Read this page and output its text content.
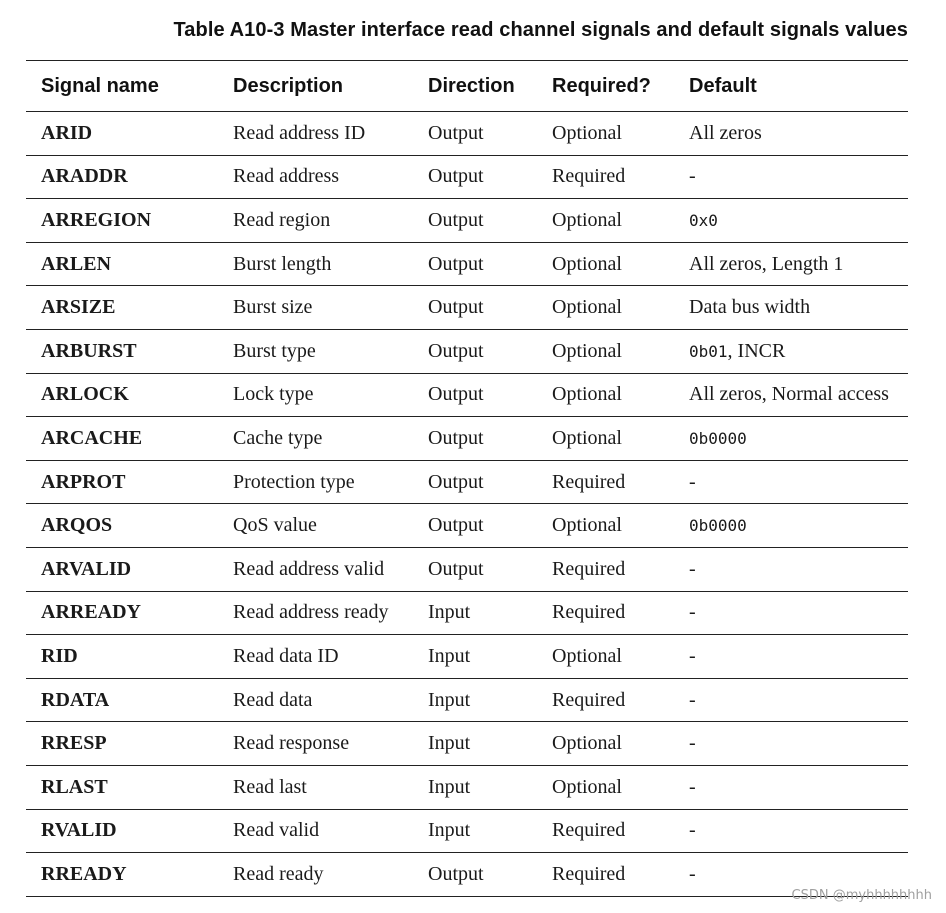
Table A10-3 Master interface read channel signals and default signals values
Signal name	Description	Direction	Required?	Default
ARID	Read address ID	Output	Optional	All zeros
ARADDR	Read address	Output	Required	-
ARREGION	Read region	Output	Optional	0x0
ARLEN	Burst length	Output	Optional	All zeros, Length 1
ARSIZE	Burst size	Output	Optional	Data bus width
ARBURST	Burst type	Output	Optional	0b01, INCR
ARLOCK	Lock type	Output	Optional	All zeros, Normal access
ARCACHE	Cache type	Output	Optional	0b0000
ARPROT	Protection type	Output	Required	-
ARQOS	QoS value	Output	Optional	0b0000
ARVALID	Read address valid	Output	Required	-
ARREADY	Read address ready	Input	Required	-
RID	Read data ID	Input	Optional	-
RDATA	Read data	Input	Required	-
RRESP	Read response	Input	Optional	-
RLAST	Read last	Input	Optional	-
RVALID	Read valid	Input	Required	-
RREADY	Read ready	Output	Required	-
CSDN @myhhhhhhhh
